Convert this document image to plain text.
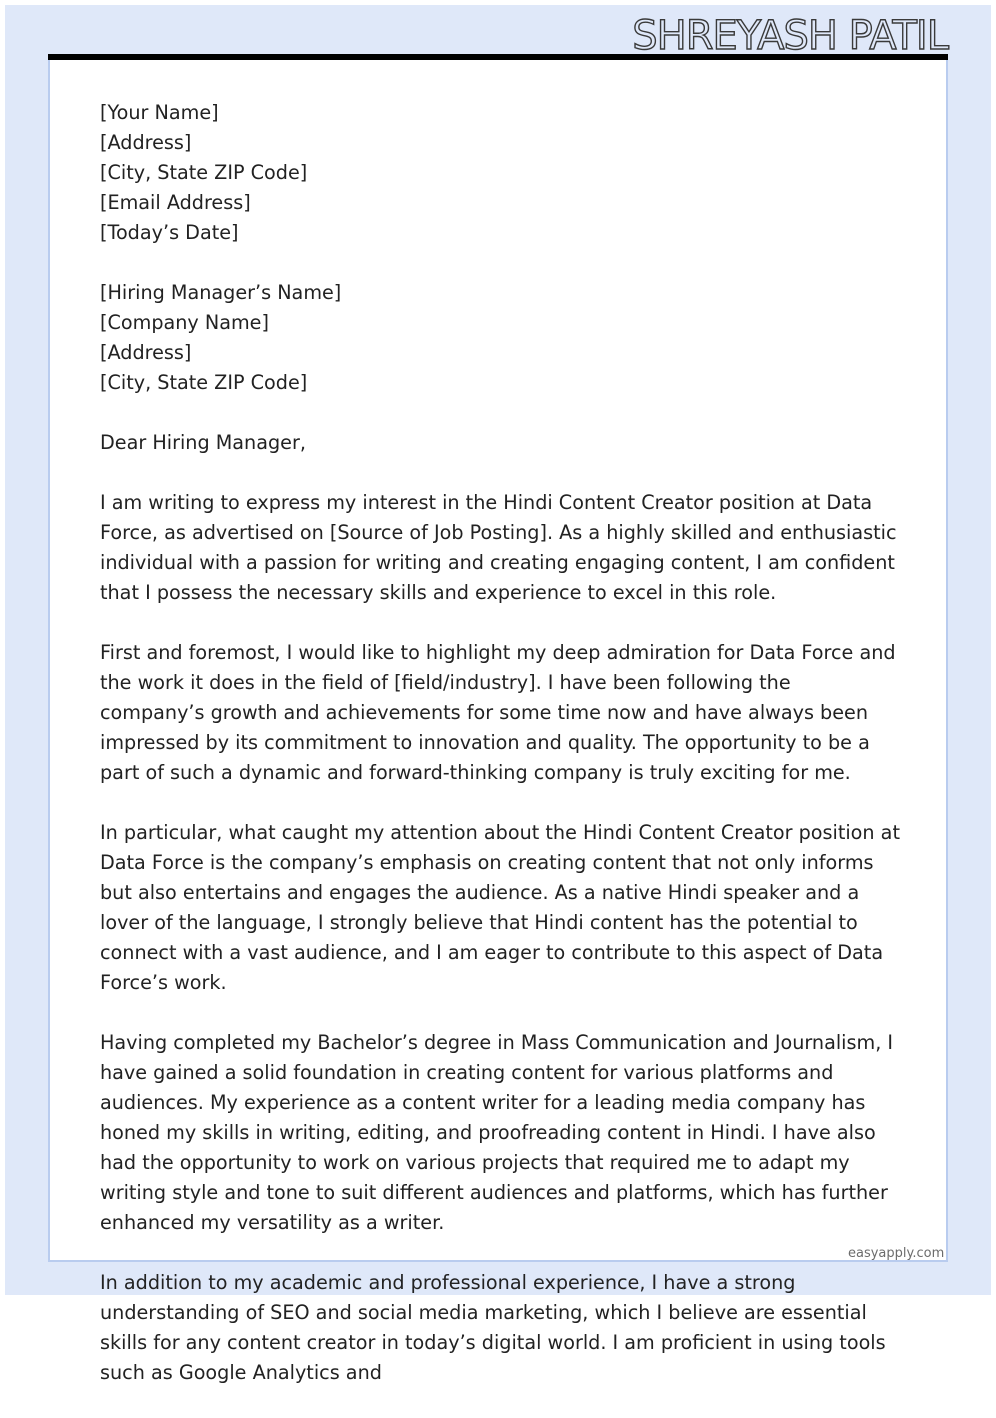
SHREYASH PATIL
[Your Name]
[Address]
[City, State ZIP Code]
[Email Address]
[Today’s Date]
[Hiring Manager’s Name]
[Company Name]
[Address]
[City, State ZIP Code]
Dear Hiring Manager,

I am writing to express my interest in the Hindi Content Creator position at Data Force, as advertised on [Source of Job Posting]. As a highly skilled and enthusiastic individual with a passion for writing and creating engaging content, I am confident that I possess the necessary skills and experience to excel in this role.

First and foremost, I would like to highlight my deep admiration for Data Force and the work it does in the field of [field/industry]. I have been following the company’s growth and achievements for some time now and have always been impressed by its commitment to innovation and quality. The opportunity to be a part of such a dynamic and forward-thinking company is truly exciting for me.

In particular, what caught my attention about the Hindi Content Creator position at Data Force is the company’s emphasis on creating content that not only informs but also entertains and engages the audience. As a native Hindi speaker and a lover of the language, I strongly believe that Hindi content has the potential to connect with a vast audience, and I am eager to contribute to this aspect of Data Force’s work.

Having completed my Bachelor’s degree in Mass Communication and Journalism, I have gained a solid foundation in creating content for various platforms and audiences. My experience as a content writer for a leading media company has honed my skills in writing, editing, and proofreading content in Hindi. I have also had the opportunity to work on various projects that required me to adapt my writing style and tone to suit different audiences and platforms, which has further enhanced my versatility as a writer.

In addition to my academic and professional experience, I have a strong understanding of SEO and social media marketing, which I believe are essential skills for any content creator in today’s digital world. I am proficient in using tools such as Google Analytics and

easyapply.com
